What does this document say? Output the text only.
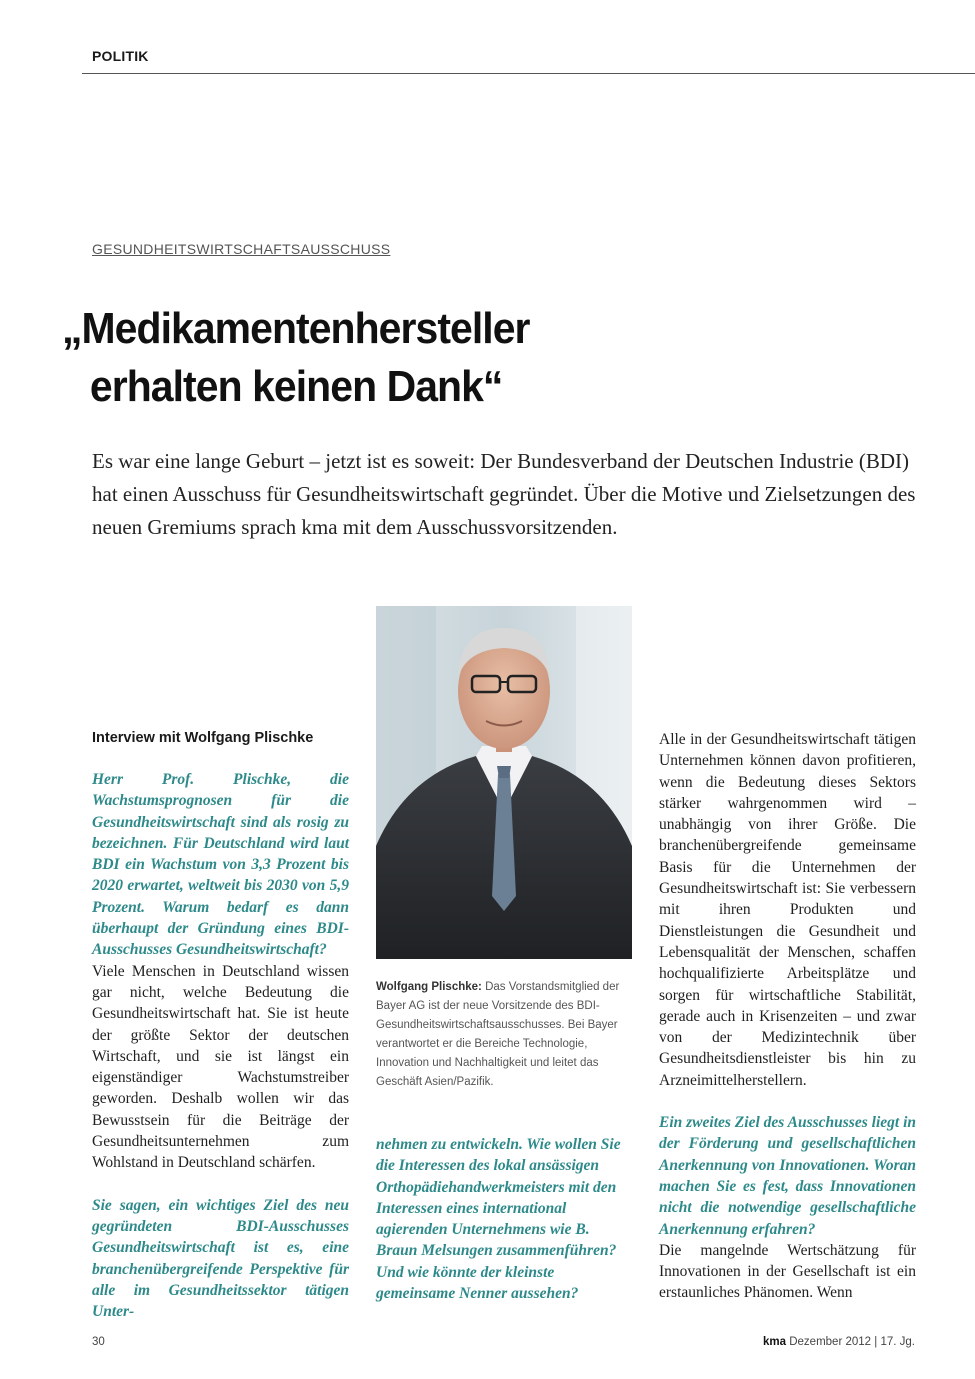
POLITIK
GESUNDHEITSWIRTSCHAFTSAUSSCHUSS
„Medikamentenhersteller
erhalten keinen Dank“
Es war eine lange Geburt – jetzt ist es soweit: Der Bundesverband der Deutschen Industrie (BDI) hat einen Ausschuss für Gesundheitswirtschaft gegründet. Über die Motive und Zielsetzungen des neuen Gremiums sprach kma mit dem Ausschussvorsitzenden.
Wolfgang Plischke: Das Vorstandsmitglied der Bayer AG ist der neue Vorsitzende des BDI-Gesundheitswirtschaftsausschusses. Bei Bayer verantwortet er die Bereiche Technologie, Innovation und Nachhaltigkeit und leitet das Geschäft Asien/Pazifik.
Interview mit Wolfgang Plischke
Herr Prof. Plischke, die Wachstumsprognosen für die Gesundheitswirtschaft sind als rosig zu bezeichnen. Für Deutschland wird laut BDI ein Wachstum von 3,3 Prozent bis 2020 erwartet, weltweit bis 2030 von 5,9 Prozent. Warum bedarf es dann überhaupt der Gründung eines BDI-Ausschusses Gesundheitswirtschaft?
Viele Menschen in Deutschland wissen gar nicht, welche Bedeutung die Gesundheitswirtschaft hat. Sie ist heute der größte Sektor der deutschen Wirtschaft, und sie ist längst ein eigenständiger Wachstumstreiber geworden. Deshalb wollen wir das Bewusstsein für die Beiträge der Gesundheitsunternehmen zum Wohlstand in Deutschland schärfen.
Sie sagen, ein wichtiges Ziel des neu gegründeten BDI-Ausschusses Gesundheitswirtschaft ist es, eine branchenübergreifende Perspektive für alle im Gesundheitssektor tätigen Unter-
nehmen zu entwickeln. Wie wollen Sie die Interessen des lokal ansässigen Orthopädiehandwerkmeisters mit den Interessen eines international agierenden Unternehmens wie B. Braun Melsungen zusammenführen? Und wie könnte der kleinste gemeinsame Nenner aussehen?
Alle in der Gesundheitswirtschaft tätigen Unternehmen können davon profitieren, wenn die Bedeutung dieses Sektors stärker wahrgenommen wird – unabhängig von ihrer Größe. Die branchenübergreifende gemeinsame Basis für die Unternehmen der Gesundheitswirtschaft ist: Sie verbessern mit ihren Produkten und Dienstleistungen die Gesundheit und Lebensqualität der Menschen, schaffen hochqualifizierte Arbeitsplätze und sorgen für wirtschaftliche Stabilität, gerade auch in Krisenzeiten – und zwar von der Medizintechnik über Gesundheitsdienstleister bis hin zu Arzneimittelherstellern.
Ein zweites Ziel des Ausschusses liegt in der Förderung und gesellschaftlichen Anerkennung von Innovationen. Woran machen Sie es fest, dass Innovationen nicht die notwendige gesellschaftliche Anerkennung erfahren?
Die mangelnde Wertschätzung für Innovationen in der Gesellschaft ist ein erstaunliches Phänomen. Wenn
30	kma Dezember 2012 | 17. Jg.
